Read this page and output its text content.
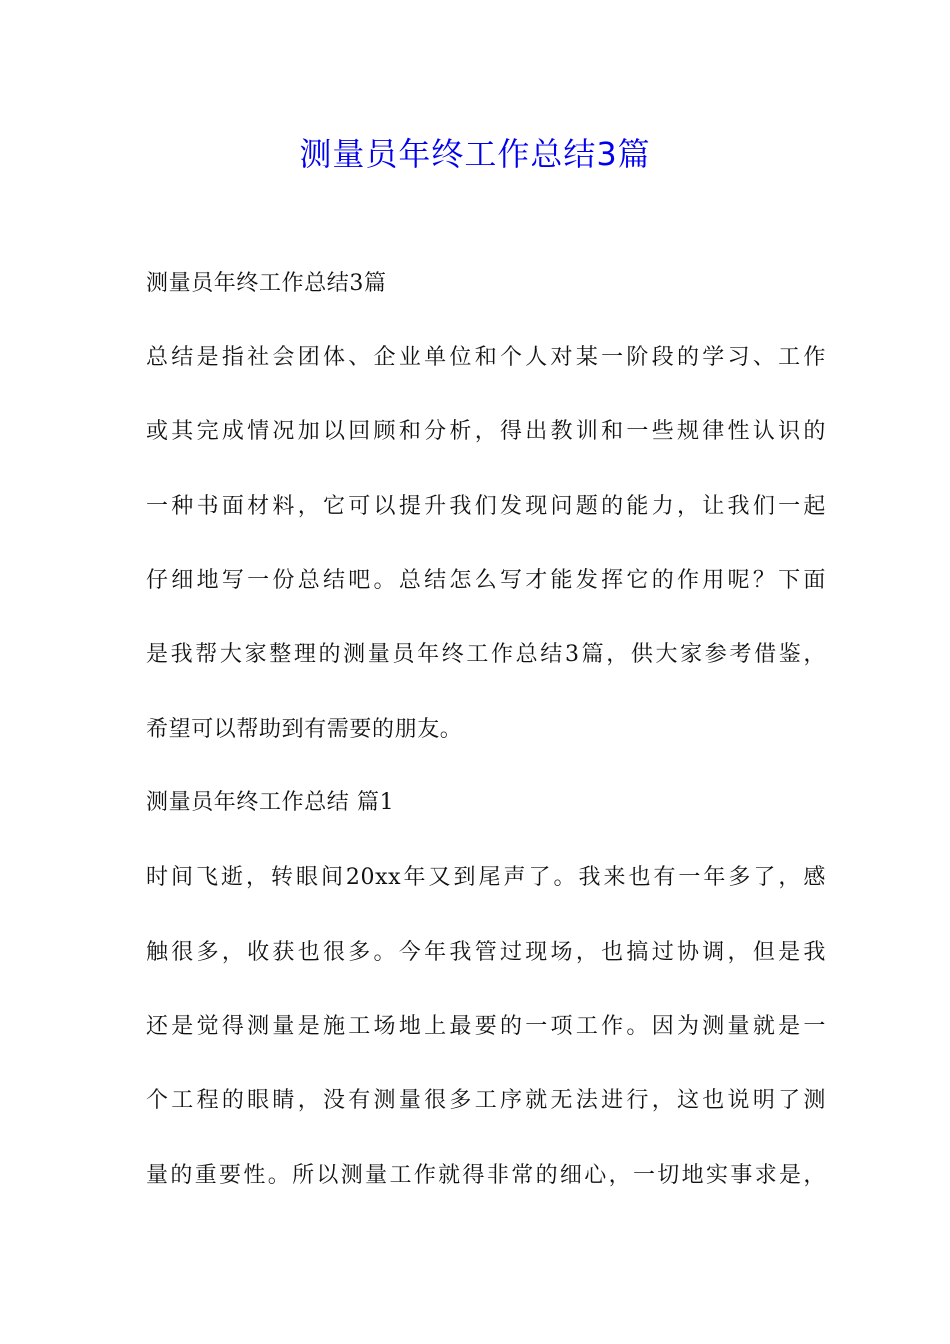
测量员年终工作总结3篇
测量员年终工作总结3篇
总结是指社会团体、企业单位和个人对某一阶段的学习、工作
或其完成情况加以回顾和分析，得出教训和一些规律性认识的
一种书面材料，它可以提升我们发现问题的能力，让我们一起
仔细地写一份总结吧。总结怎么写才能发挥它的作用呢？下面
是我帮大家整理的测量员年终工作总结3篇，供大家参考借鉴，
希望可以帮助到有需要的朋友。
测量员年终工作总结 篇1
时间飞逝，转眼间20xx年又到尾声了。我来也有一年多了，感
触很多，收获也很多。今年我管过现场，也搞过协调，但是我
还是觉得测量是施工场地上最要的一项工作。因为测量就是一
个工程的眼睛，没有测量很多工序就无法进行，这也说明了测
量的重要性。所以测量工作就得非常的细心，一切地实事求是，
